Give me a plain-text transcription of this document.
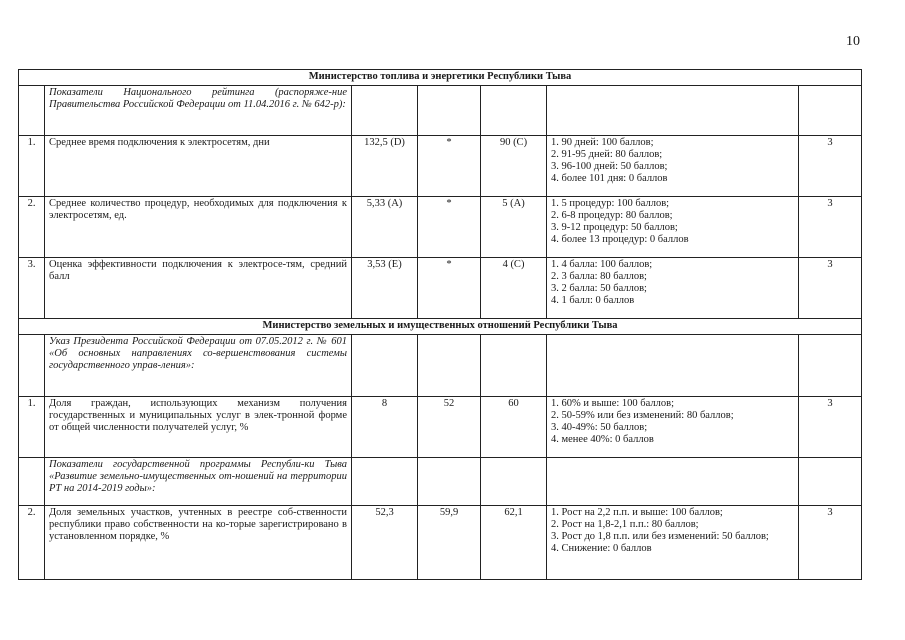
10
Министерство топлива и энергетики Республики Тыва						
	Показатели Национального рейтинга (распоряже-ние Правительства Российской Федерации от 11.04.2016 г. № 642-р):					
1.	Среднее время подключения к электросетям, дни	132,5 (D)	*	90 (C)	1. 90 дней: 100 баллов;
2. 91-95 дней: 80 баллов;
3. 96-100 дней: 50 баллов;
4. более 101 дня: 0 баллов	3
2.	Среднее количество процедур, необходимых для подключения к электросетям, ед.	5,33 (A)	*	5 (A)	1. 5 процедур: 100 баллов;
2. 6-8 процедур: 80 баллов;
3. 9-12 процедур: 50 баллов;
4. более 13 процедур: 0 баллов	3
3.	Оценка эффективности подключения к электросе-тям, средний балл	3,53 (E)	*	4 (C)	1. 4 балла: 100 баллов;
2. 3 балла: 80 баллов;
3. 2 балла: 50 баллов;
4. 1 балл: 0 баллов	3
Министерство земельных и имущественных отношений Республики Тыва						
	Указ Президента Российской Федерации от 07.05.2012 г. № 601 «Об основных направлениях со-вершенствования системы государственного управ-ления»:					
1.	Доля граждан, использующих механизм получения государственных и муниципальных услуг в элек-тронной форме от общей численности получателей услуг, %	8	52	60	1. 60% и выше: 100 баллов;
2. 50-59% или без изменений: 80 баллов;
3. 40-49%: 50 баллов;
4. менее 40%: 0 баллов	3
	Показатели государственной программы Республи-ки Тыва «Развитие земельно-имущественных от-ношений на территории РТ на 2014-2019 годы»:					
2.	Доля земельных участков, учтенных в реестре соб-ственности республики право собственности на ко-торые зарегистрировано в установленном порядке, %	52,3	59,9	62,1	1. Рост на 2,2 п.п. и выше: 100 баллов;
2. Рост на 1,8-2,1 п.п.: 80 баллов;
3. Рост до 1,8 п.п. или без изменений: 50 баллов;
4. Снижение: 0 баллов	3
